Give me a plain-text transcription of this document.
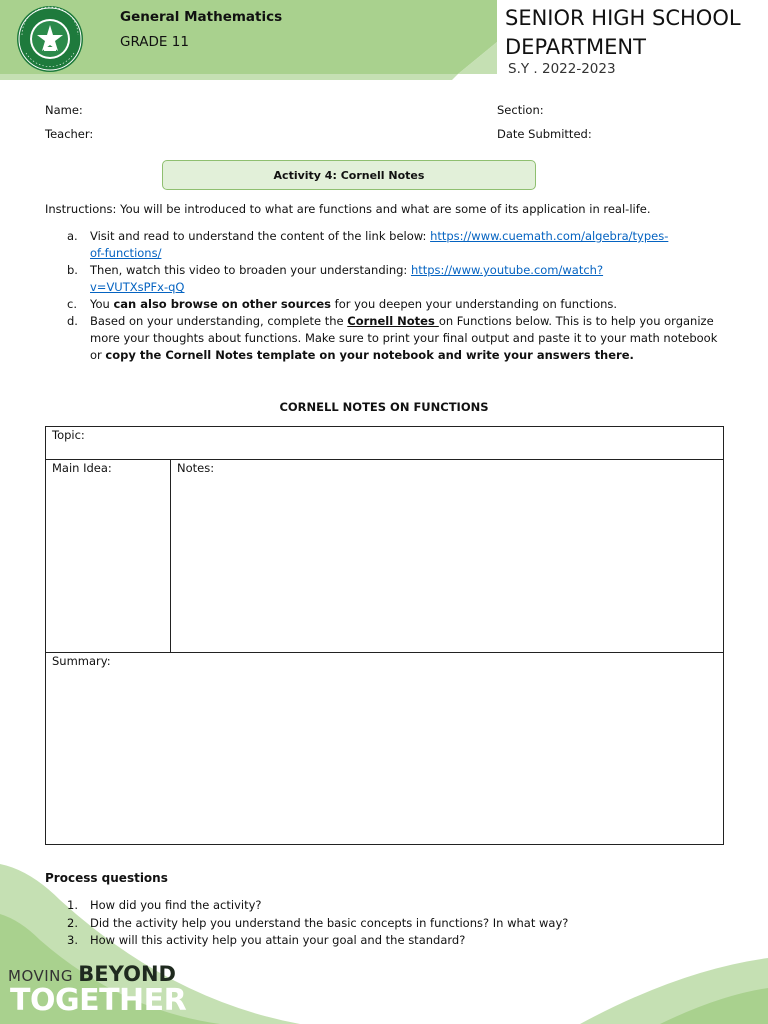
General Mathematics
GRADE 11
SENIOR HIGH SCHOOL
DEPARTMENT
S.Y . 2022-2023
Name:	Section:
Teacher:	Date Submitted:
Activity 4: Cornell Notes
Instructions: You will be introduced to what are functions and what are some of its application in real-life.
a. Visit and read to understand the content of the link below: https://www.cuemath.com/algebra/types-
of-functions/
b. Then, watch this video to broaden your understanding: https://www.youtube.com/watch?
v=VUTXsPFx-qQ
c. You can also browse on other sources for you deepen your understanding on functions.
d. Based on your understanding, complete the Cornell Notes on Functions below. This is to help you organize more your thoughts about functions. Make sure to print your final output and paste it to your math notebook or copy the Cornell Notes template on your notebook and write your answers there.
CORNELL NOTES ON FUNCTIONS
Topic:
Main Idea:	Notes:
Summary:
Process questions
1. How did you find the activity?
2. Did the activity help you understand the basic concepts in functions? In what way?
3. How will this activity help you attain your goal and the standard?
MOVING BEYOND
TOGETHER
